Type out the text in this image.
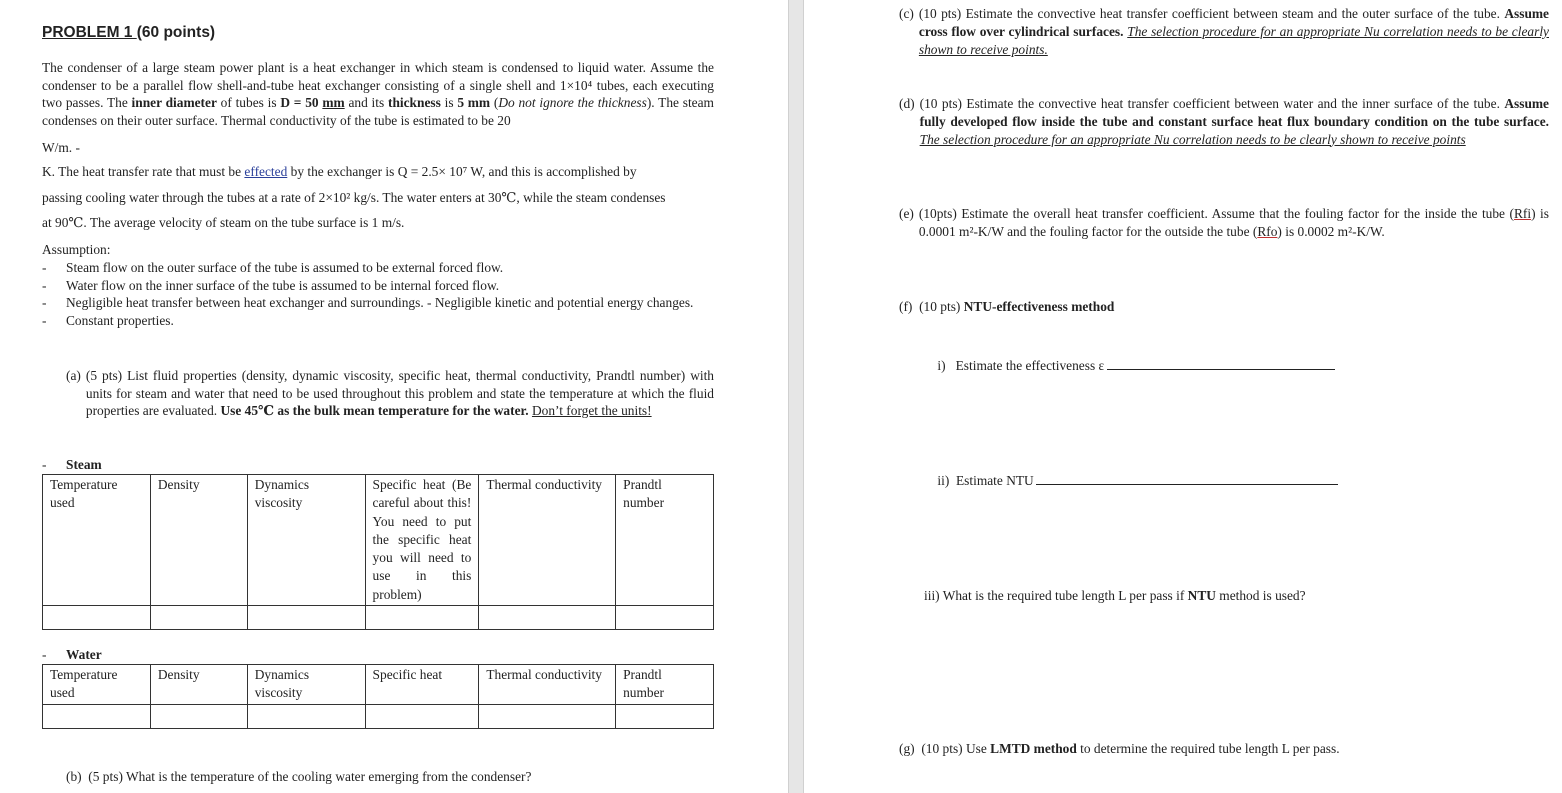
PROBLEM 1 (60 points)
The condenser of a large steam power plant is a heat exchanger in which steam is condensed to liquid water. Assume the condenser to be a parallel flow shell-and-tube heat exchanger consisting of a single shell and 1×10⁴ tubes, each executing two passes. The inner diameter of tubes is D = 50 mm and its thickness is 5 mm (Do not ignore the thickness). The steam condenses on their outer surface. Thermal conductivity of the tube is estimated to be 20
W/m. -
K. The heat transfer rate that must be effected by the exchanger is Q = 2.5× 10⁷ W, and this is accomplished by
passing cooling water through the tubes at a rate of 2×10² kg/s. The water enters at 30℃, while the steam condenses
at 90℃. The average velocity of steam on the tube surface is 1 m/s.
Assumption:
-	Steam flow on the outer surface of the tube is assumed to be external forced flow.
-	Water flow on the inner surface of the tube is assumed to be internal forced flow.
-	Negligible heat transfer between heat exchanger and surroundings. - Negligible kinetic and potential energy changes.
-	Constant properties.
(a) (5 pts) List fluid properties (density, dynamic viscosity, specific heat, thermal conductivity, Prandtl number) with units for steam and water that need to be used throughout this problem and state the temperature at which the fluid properties are evaluated. Use 45℃ as the bulk mean temperature for the water. Don’t forget the units!
- Steam
Temperature used	Density	Dynamics viscosity	Specific heat (Be careful about this! You need to put the specific heat you will need to use in this problem)	Thermal conductivity	Prandtl number

- Water
Temperature used	Density	Dynamics viscosity	Specific heat	Thermal conductivity	Prandtl number

(b)  (5 pts) What is the temperature of the cooling water emerging from the condenser?
(c) (10 pts) Estimate the convective heat transfer coefficient between steam and the outer surface of the tube. Assume cross flow over cylindrical surfaces. The selection procedure for an appropriate Nu correlation needs to be clearly shown to receive points.
(d) (10 pts) Estimate the convective heat transfer coefficient between water and the inner surface of the tube. Assume fully developed flow inside the tube and constant surface heat flux boundary condition on the tube surface. The selection procedure for an appropriate Nu correlation needs to be clearly shown to receive points
(e) (10pts) Estimate the overall heat transfer coefficient. Assume that the fouling factor for the inside the tube (Rfi) is 0.0001 m²-K/W and the fouling factor for the outside the tube (Rfo) is 0.0002 m²-K/W.
(f) (10 pts) NTU-effectiveness method

i)   Estimate the effectiveness ε

ii)  Estimate NTU

iii) What is the required tube length L per pass if NTU method is used?
(g) (10 pts) Use LMTD method to determine the required tube length L per pass.
